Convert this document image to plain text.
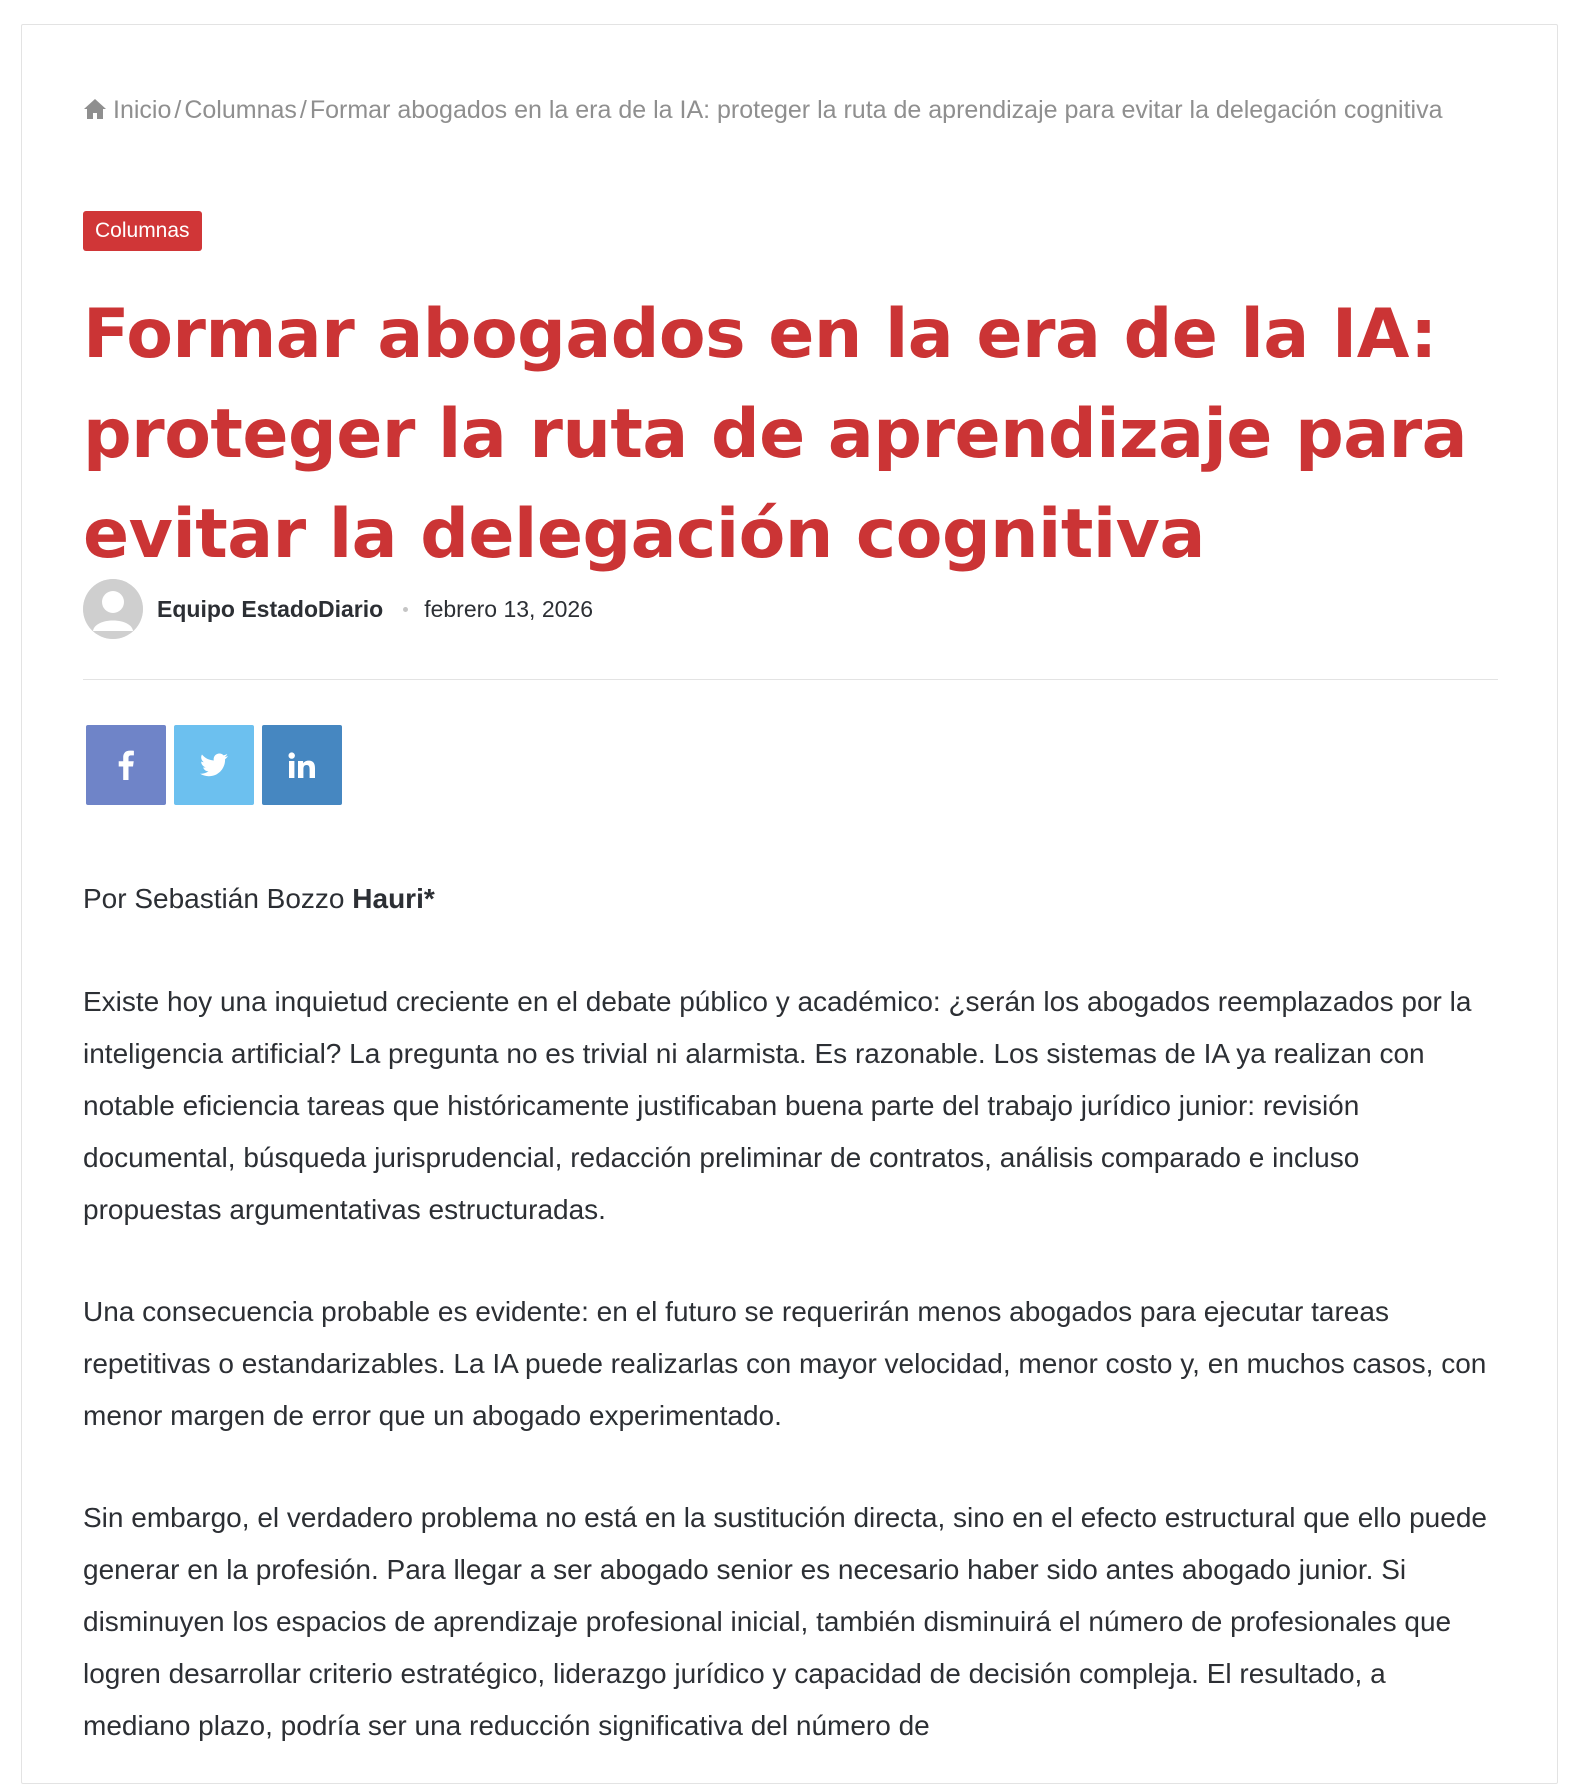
Inicio / Columnas / Formar abogados en la era de la IA: proteger la ruta de aprendizaje para evitar la delegación cognitiva
Columnas
Formar abogados en la era de la IA: proteger la ruta de aprendizaje para evitar la delegación cognitiva
Equipo EstadoDiario febrero 13, 2026

Por Sebastián Bozzo Hauri*

Existe hoy una inquietud creciente en el debate público y académico: ¿serán los abogados reemplazados por la inteligencia artificial? La pregunta no es trivial ni alarmista. Es razonable. Los sistemas de IA ya realizan con notable eficiencia tareas que históricamente justificaban buena parte del trabajo jurídico junior: revisión documental, búsqueda jurisprudencial, redacción preliminar de contratos, análisis comparado e incluso propuestas argumentativas estructuradas.

Una consecuencia probable es evidente: en el futuro se requerirán menos abogados para ejecutar tareas repetitivas o estandarizables. La IA puede realizarlas con mayor velocidad, menor costo y, en muchos casos, con menor margen de error que un abogado experimentado.

Sin embargo, el verdadero problema no está en la sustitución directa, sino en el efecto estructural que ello puede generar en la profesión. Para llegar a ser abogado senior es necesario haber sido antes abogado junior. Si disminuyen los espacios de aprendizaje profesional inicial, también disminuirá el número de profesionales que logren desarrollar criterio estratégico, liderazgo jurídico y capacidad de decisión compleja. El resultado, a mediano plazo, podría ser una reducción significativa del número de
